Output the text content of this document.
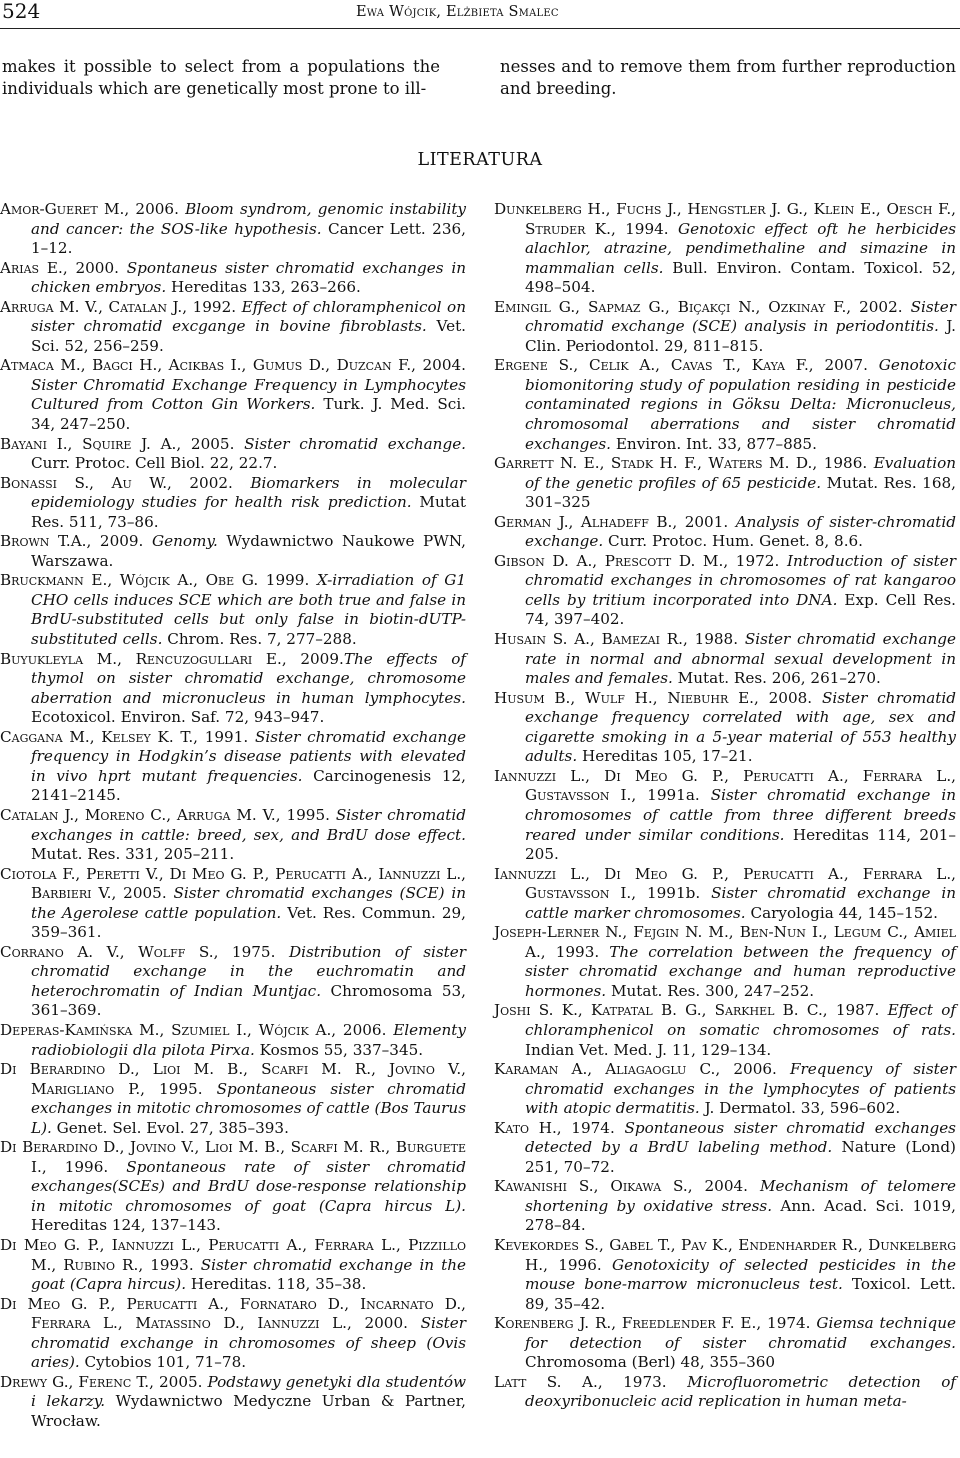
524	Ewa Wójcik, Elżbieta Smalec
makes it possible to select from a populations the individuals which are genetically most prone to ill-
nesses and to remove them from further reproduction and breeding.
LITERATURA

Amor-Gueret M., 2006. Bloom syndrom, genomic instability and cancer: the SOS-like hypothesis. Cancer Lett. 236, 1–12.

Arias E., 2000. Spontaneus sister chromatid exchanges in chicken embryos. Hereditas 133, 263–266.

Arruga M. V., Catalan J., 1992. Effect of chloramphenicol on sister chromatid excgange in bovine fibroblasts. Vet. Sci. 52, 256–259.

Atmaca M., Bagci H., Acikbas I., Gumus D., Duzcan F., 2004. Sister Chromatid Exchange Frequency in Lymphocytes Cultured from Cotton Gin Workers. Turk. J. Med. Sci. 34, 247–250.

Bayani I., Squire J. A., 2005. Sister chromatid exchange. Curr. Protoc. Cell Biol. 22, 22.7.

Bonassi S., Au W., 2002. Biomarkers in molecular epidemiology studies for health risk prediction. Mutat Res. 511, 73–86.

Brown T.A., 2009. Genomy. Wydawnictwo Naukowe PWN, Warszawa.

Bruckmann E., Wójcik A., Obe G. 1999. X-irradiation of G1 CHO cells induces SCE which are both true and false in BrdU-substituted cells but only false in biotin-dUTP-substituted cells. Chrom. Res. 7, 277–288.

Buyukleyla M., Rencuzogullari E., 2009.The effects of thymol on sister chromatid exchange, chromosome aberration and micronucleus in human lymphocytes. Ecotoxicol. Environ. Saf. 72, 943–947.

Caggana M., Kelsey K. T., 1991. Sister chromatid exchange frequency in Hodgkin’s disease patients with elevated in vivo hprt mutant frequencies. Carcinogenesis 12, 2141–2145.

Catalan J., Moreno C., Arruga M. V., 1995. Sister chromatid exchanges in cattle: breed, sex, and BrdU dose effect. Mutat. Res. 331, 205–211.

Ciotola F., Peretti V., Di Meo G. P., Perucatti A., Iannuzzi L., Barbieri V., 2005. Sister chromatid exchanges (SCE) in the Agerolese cattle population. Vet. Res. Commun. 29, 359–361.

Corrano A. V., Wolff S., 1975. Distribution of sister chromatid exchange in the euchromatin and heterochromatin of Indian Muntjac. Chromosoma 53, 361–369.

Deperas-Kamińska M., Szumiel I., Wójcik A., 2006. Elementy radiobiologii dla pilota Pirxa. Kosmos 55, 337–345.

Di Berardino D., Lioi M. B., Scarfi M. R., Jovino V., Marigliano P., 1995. Spontaneous sister chromatid exchanges in mitotic chromosomes of cattle (Bos Taurus L). Genet. Sel. Evol. 27, 385–393.

Di Berardino D., Jovino V., Lioi M. B., Scarfi M. R., Burguete I., 1996. Spontaneous rate of sister chromatid exchanges(SCEs) and BrdU dose-response relationship in mitotic chromosomes of goat (Capra hircus L). Hereditas 124, 137–143.

Di Meo G. P., Iannuzzi L., Perucatti A., Ferrara L., Pizzillo M., Rubino R., 1993. Sister chromatid exchange in the goat (Capra hircus). Hereditas. 118, 35–38.

Di Meo G. P., Perucatti A., Fornataro D., Incarnato D., Ferrara L., Matassino D., Iannuzzi L., 2000. Sister chromatid exchange in chromosomes of sheep (Ovis aries). Cytobios 101, 71–78.

Drewy G., Ferenc T., 2005. Podstawy genetyki dla studentów i lekarzy. Wydawnictwo Medyczne Urban & Partner, Wrocław.

Dunkelberg H., Fuchs J., Hengstler J. G., Klein E., Oesch F., Struder K., 1994. Genotoxic effect oft he herbicides alachlor, atrazine, pendimethaline and simazine in mammalian cells. Bull. Environ. Contam. Toxicol. 52, 498–504.

Emingil G., Sapmaz G., Biçakçi N., Ozkinay F., 2002. Sister chromatid exchange (SCE) analysis in periodontitis. J. Clin. Periodontol. 29, 811–815.

Ergene S., Celik A., Cavas T., Kaya F., 2007. Genotoxic biomonitoring study of population residing in pesticide contaminated regions in Göksu Delta: Micronucleus, chromosomal aberrations and sister chromatid exchanges. Environ. Int. 33, 877–885.

Garrett N. E., Stadk H. F., Waters M. D., 1986. Evaluation of the genetic profiles of 65 pesticide. Mutat. Res. 168, 301–325

German J., Alhadeff B., 2001. Analysis of sister-chromatid exchange. Curr. Protoc. Hum. Genet. 8, 8.6.

Gibson D. A., Prescott D. M., 1972. Introduction of sister chromatid exchanges in chromosomes of rat kangaroo cells by tritium incorporated into DNA. Exp. Cell Res. 74, 397–402.

Husain S. A., Bamezai R., 1988. Sister chromatid exchange rate in normal and abnormal sexual development in males and females. Mutat. Res. 206, 261–270.

Husum B., Wulf H., Niebuhr E., 2008. Sister chromatid exchange frequency correlated with age, sex and cigarette smoking in a 5-year material of 553 healthy adults. Hereditas 105, 17–21.

Iannuzzi L., Di Meo G. P., Perucatti A., Ferrara L., Gustavsson I., 1991a. Sister chromatid exchange in chromosomes of cattle from three different breeds reared under similar conditions. Hereditas 114, 201–205.

Iannuzzi L., Di Meo G. P., Perucatti A., Ferrara L., Gustavsson I., 1991b. Sister chromatid exchange in cattle marker chromosomes. Caryologia 44, 145–152.

Joseph-Lerner N., Fejgin N. M., Ben-Nun I., Legum C., Amiel A., 1993. The correlation between the frequency of sister chromatid exchange and human reproductive hormones. Mutat. Res. 300, 247–252.

Joshi S. K., Katpatal B. G., Sarkhel B. C., 1987. Effect of chloramphenicol on somatic chromosomes of rats. Indian Vet. Med. J. 11, 129–134.

Karaman A., Aliagaoglu C., 2006. Frequency of sister chromatid exchanges in the lymphocytes of patients with atopic dermatitis. J. Dermatol. 33, 596–602.

Kato H., 1974. Spontaneous sister chromatid exchanges detected by a BrdU labeling method. Nature (Lond) 251, 70–72.

Kawanishi S., Oikawa S., 2004. Mechanism of telomere shortening by oxidative stress. Ann. Acad. Sci. 1019, 278–84.

Kevekordes S., Gabel T., Pav K., Endenharder R., Dunkelberg H., 1996. Genotoxicity of selected pesticides in the mouse bone-marrow micronucleus test. Toxicol. Lett. 89, 35–42.

Korenberg J. R., Freedlender F. E., 1974. Giemsa technique for detection of sister chromatid exchanges. Chromosoma (Berl) 48, 355–360

Latt S. A., 1973. Microfluorometric detection of deoxyribonucleic acid replication in human meta-
